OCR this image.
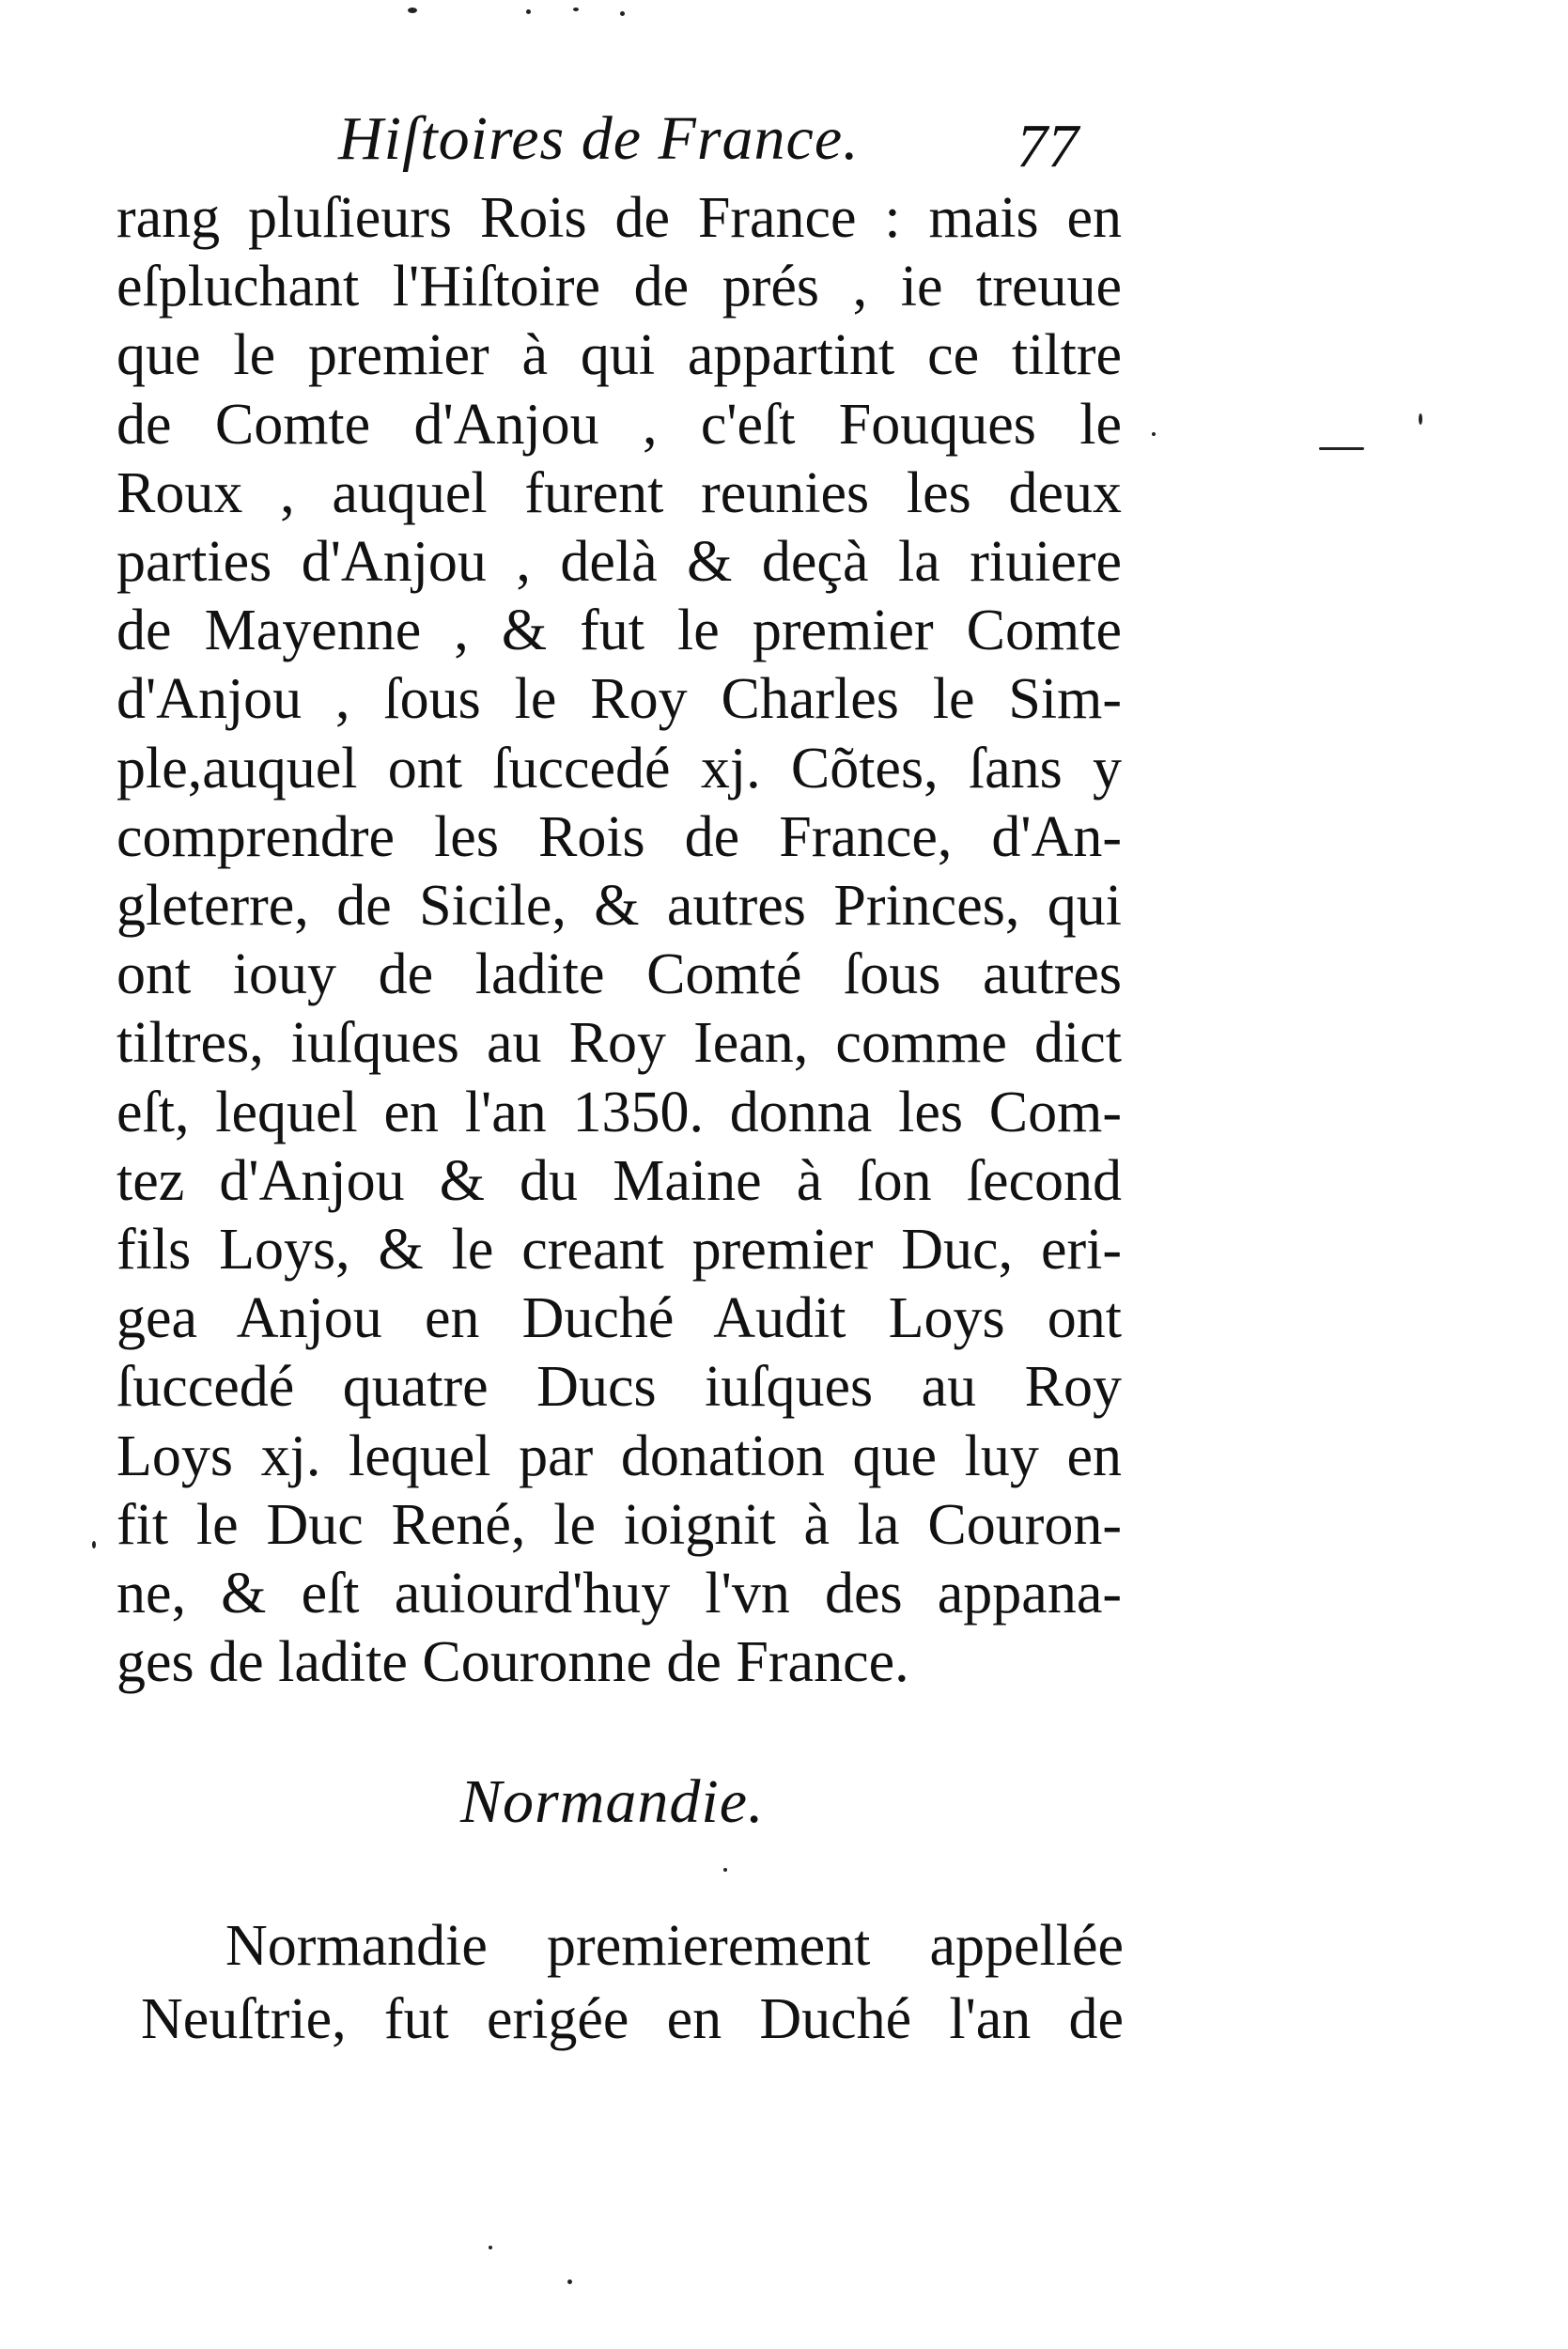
Hiſtoires de France.	77
rang pluſieurs Rois de France : mais en
eſpluchant l'Hiſtoire de prés , ie treuue
que le premier à qui appartint ce tiltre
de Comte d'Anjou , c'eſt Fouques le
Roux , auquel furent reunies les deux
parties d'Anjou , delà & deçà la riuiere
de Mayenne , & fut le premier Comte
d'Anjou , ſous le Roy Charles le Sim-
ple,auquel ont ſuccedé xj. Cõtes, ſans y
comprendre les Rois de France, d'An-
gleterre, de Sicile, & autres Princes, qui
ont iouy de ladite Comté ſous autres
tiltres, iuſques au Roy Iean, comme dict
eſt, lequel en l'an 1350. donna les Com-
tez d'Anjou & du Maine à ſon ſecond
fils Loys, & le creant premier Duc, eri-
gea Anjou en Duché Audit Loys ont
ſuccedé quatre Ducs iuſques au Roy
Loys xj. lequel par donation que luy en
fit le Duc René, le ioignit à la Couron-
ne, & eſt auiourd'huy l'vn des appana-
ges de ladite Couronne de France.
Normandie.
Normandie premierement appellée
Neuſtrie, fut erigée en Duché l'an de
